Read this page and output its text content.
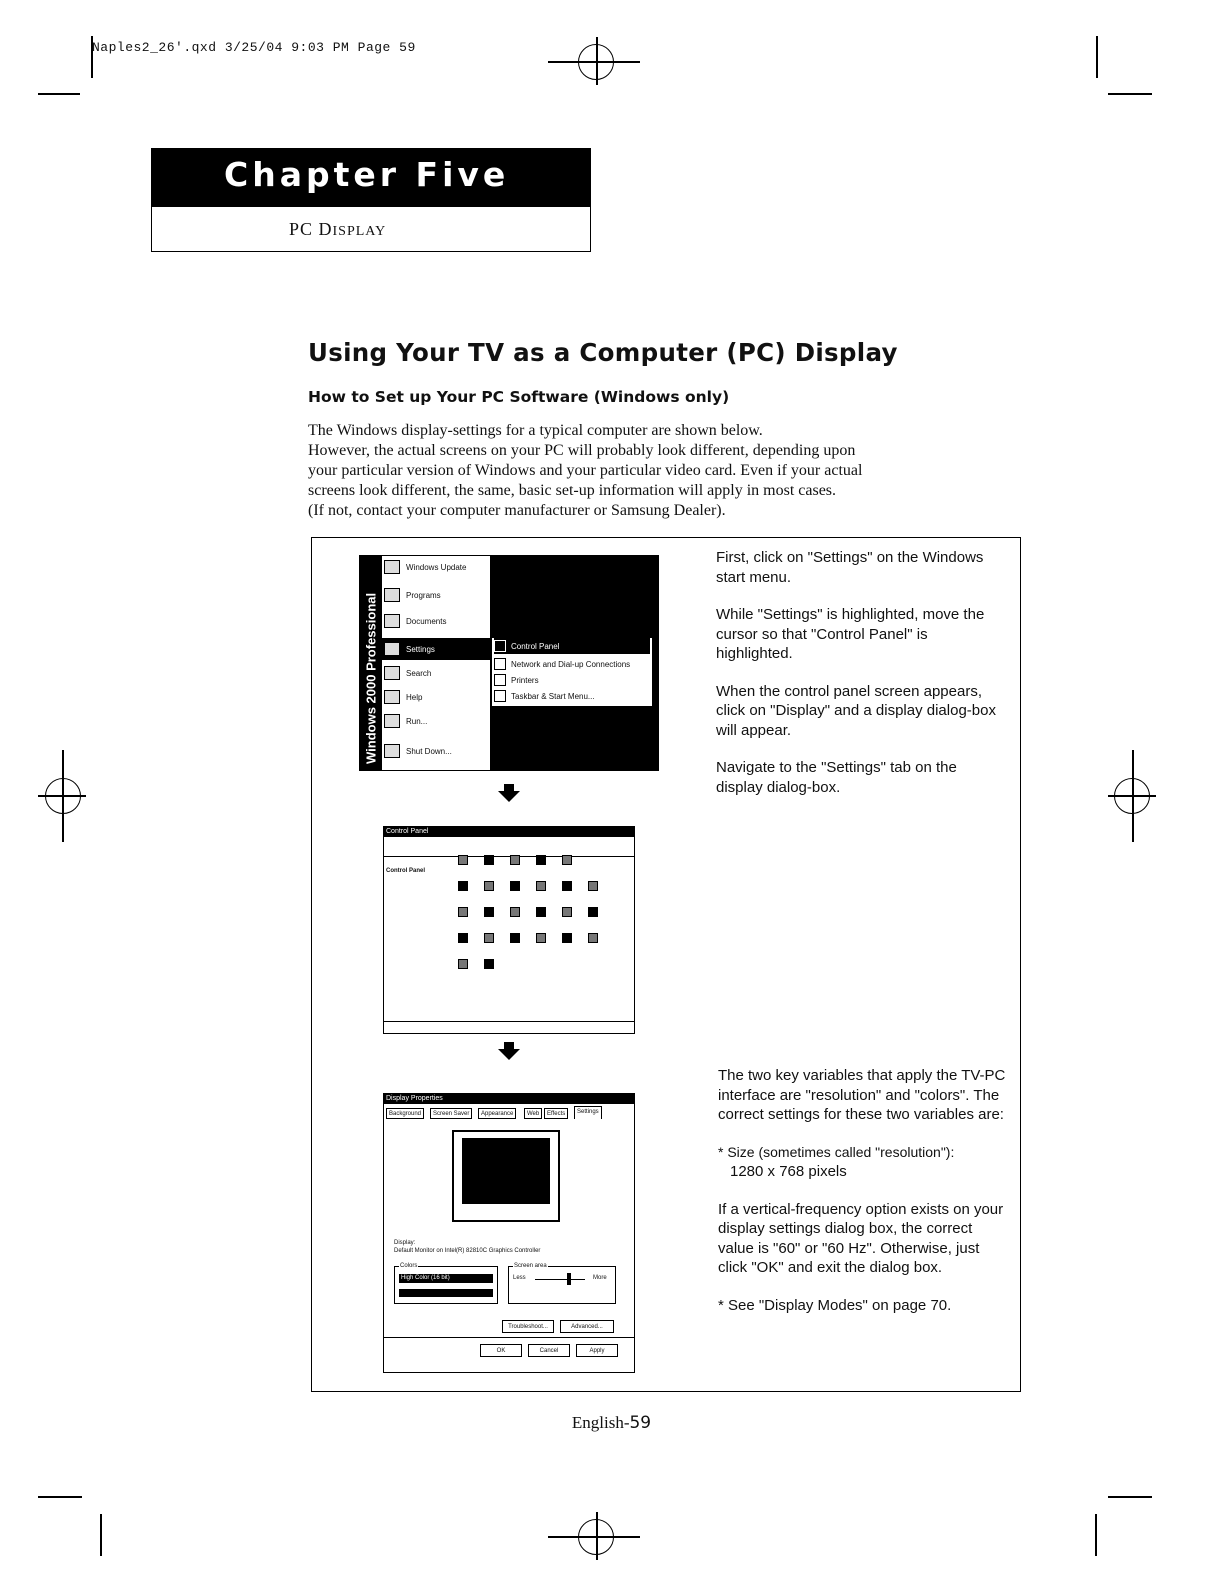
Naples2_26'.qxd 3/25/04 9:03 PM Page 59
Chapter Five
PC DISPLAY
Using Your TV as a Computer (PC) Display
How to Set up Your PC Software (Windows only)
The Windows display-settings for a typical computer are shown below.
However, the actual screens on your PC will probably look different, depending upon
your particular version of Windows and your particular video card. Even if your actual
screens look different, the same, basic set-up information will apply in most cases.
(If not, contact your computer manufacturer or Samsung Dealer).
Windows 2000 Professional
Windows Update
Programs
Documents
Settings
Search
Help
Run...
Shut Down...
Control Panel
Network and Dial-up Connections
Printers
Taskbar & Start Menu...
Control Panel
Control Panel
Display Properties
Background	Screen Saver	Appearance	Web	Effects	Settings
Display:
Default Monitor on Intel(R) 82810C Graphics Controller
Colors
High Color (16 bit)
Screen area
Less	More
Troubleshoot...	Advanced...
OK	Cancel	Apply

First, click on "Settings" on the Windows start menu.

While "Settings" is highlighted, move the cursor so that "Control Panel" is highlighted.

When the control panel screen appears, click on "Display" and a display dialog-box will appear.

Navigate to the "Settings" tab on the display dialog-box.

The two key variables that apply the TV-PC interface are "resolution" and "colors". The correct settings for these two variables are:

* Size (sometimes called "resolution"):
1280 x 768 pixels

If a vertical-frequency option exists on your display settings dialog box, the correct value is "60" or "60 Hz". Otherwise, just click "OK" and exit the dialog box.

* See "Display Modes" on page 70.

English-59
